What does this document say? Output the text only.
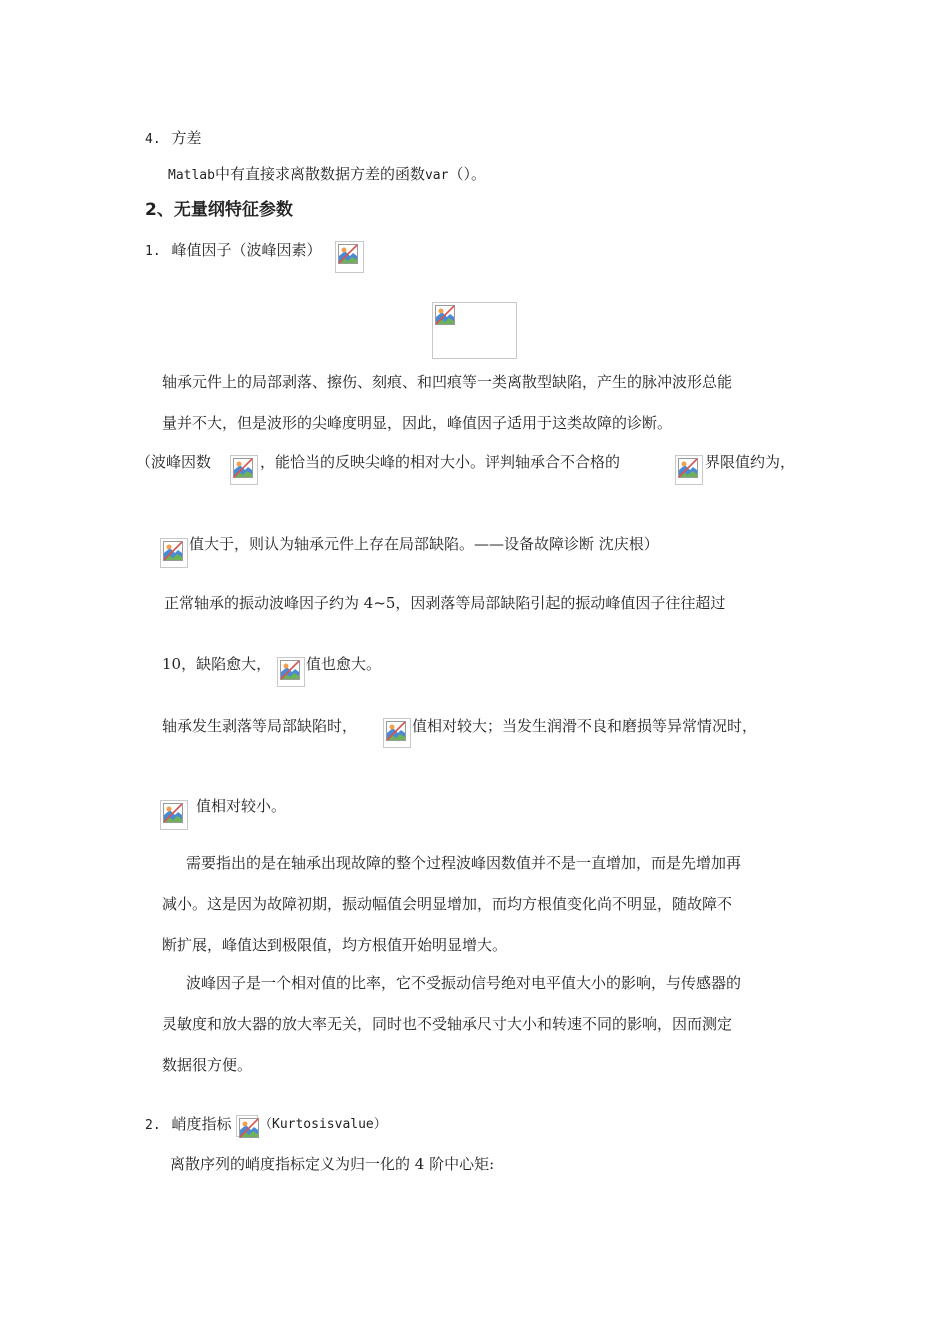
4. 方差
Matlab中有直接求离散数据方差的函数var（）。
2、无量纲特征参数
1. 峰值因子（波峰因素）
轴承元件上的局部剥落、擦伤、刻痕、和凹痕等一类离散型缺陷，产生的脉冲波形总能
量并不大，但是波形的尖峰度明显，因此，峰值因子适用于这类故障的诊断。
（波峰因数	，能恰当的反映尖峰的相对大小。评判轴承合不合格的	界限值约为，
值大于，则认为轴承元件上存在局部缺陷。——设备故障诊断 沈庆根）
正常轴承的振动波峰因子约为 4~5，因剥落等局部缺陷引起的振动峰值因子往往超过
10，缺陷愈大， 值也愈大。
轴承发生剥落等局部缺陷时，	值相对较大；当发生润滑不良和磨损等异常情况时，
值相对较小。
需要指出的是在轴承出现故障的整个过程波峰因数值并不是一直增加，而是先增加再
减小。这是因为故障初期，振动幅值会明显增加，而均方根值变化尚不明显，随故障不
断扩展，峰值达到极限值，均方根值开始明显增大。
波峰因子是一个相对值的比率，它不受振动信号绝对电平值大小的影响，与传感器的
灵敏度和放大器的放大率无关，同时也不受轴承尺寸大小和转速不同的影响，因而测定
数据很方便。
2. 峭度指标 （Kurtosisvalue）
离散序列的峭度指标定义为归一化的 4 阶中心矩:
